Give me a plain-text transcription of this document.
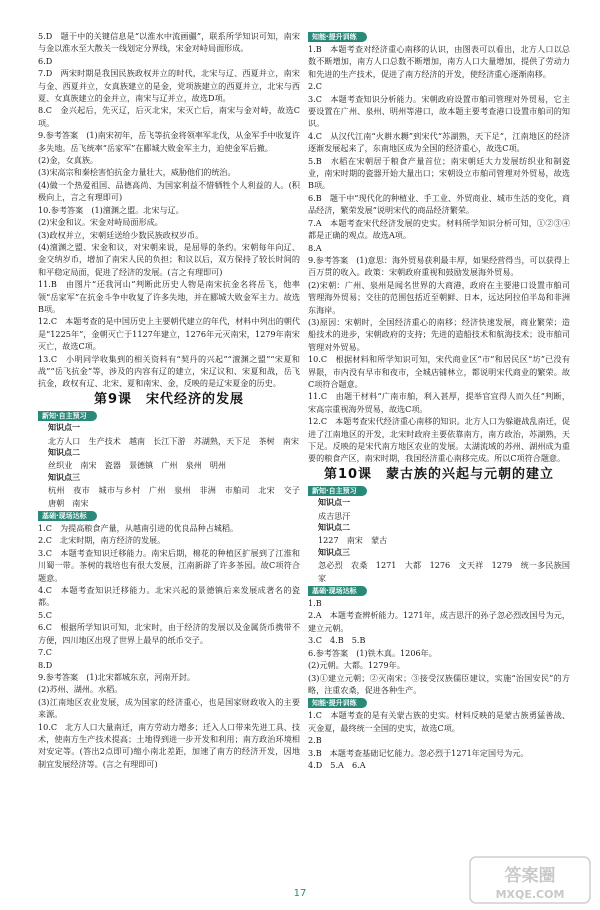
5.D　题干中的关键信息是“以淮水中流画疆”，联系所学知识可知，南宋与金以淮水至大散关一线划定分界线，宋金对峙局面形成。

6.D

7.D　两宋时期是我国民族政权并立的时代，北宋与辽、西夏并立，南宋与金、西夏并立，女真族建立的是金，党项族建立的西夏并立，北宋与西夏、女真族建立的金并立，南宋与辽并立，故选D项。

8.C　金兴起后，先灭辽，后灭北宋，宋灭亡后，南宋与金对峙，故选C项。

9.参考答案　(1)南宋初年，岳飞等抗金将领率军北伐，从金军手中收复许多失地。岳飞统率“岳家军”在郾城大败金军主力，迫使金军后撤。

(2)金，女真族。

(3)宋高宗和秦桧害怕抗金力量壮大，威胁他们的统治。

(4)做一个热爱祖国、品德高尚、为国家利益不惜牺牲个人利益的人。(积极向上，言之有理即可)

10.参考答案　(1)澶渊之盟。北宋与辽。

(2)宋金和议。宋金对峙局面形成。

(3)政权并立，宋朝廷送给少数民族政权岁币。

(4)澶渊之盟、宋金和议，对宋朝来说，是屈辱的条约。宋朝每年向辽、金交纳岁币，增加了南宋人民的负担；和议以后，双方保持了较长时间的和平稳定局面，促进了经济的发展。(言之有理即可)

11.B　由图片“还我河山”判断此历史人物是南宋抗金名将岳飞，他率领“岳家军”在抗金斗争中收复了许多失地，并在郾城大败金军主力。故选B项。

12.C　本题考查的是中国历史上主要朝代建立的年代，材料中列出的朝代是“1225年”，金朝灭亡于1127年建立，1276年元灭南宋，1279年南宋灭亡，故选C项。

13.C　小明同学收集到的相关资料有“契丹的兴起”“澶渊之盟”“宋夏和战”“岳飞抗金”等，涉及的内容有辽的建立，宋辽议和、宋夏和战，岳飞抗金，政权有辽、北宋、夏和南宋、金，反映的是辽宋夏金的历史。

第9课　宋代经济的发展
新知·自主预习
知识点一

北方人口　生产技术　越南　长江下游　苏湖熟，天下足　茶树　南宋

知识点二

丝织业　南宋　瓷器　景德镇　广州　泉州　明州

知识点三

杭州　夜市　城市与乡村　广州　泉州　非洲　市舶司　北宋　交子　唐朝　南宋

基础·现场达标

1.C　为提高粮食产量，从越南引进的优良品种占城稻。

2.C　北宋时期，南方经济的发展。

3.C　本题考查知识迁移能力。南宋后期，棉花的种植区扩展到了江淮和川蜀一带。茶树的栽培也有很大发展，江南新辟了许多茶园。故C项符合题意。

4.C　本题考查知识迁移能力。北宋兴起的景德镇后来发展成著名的瓷都。

5.C

6.C　根据所学知识可知，北宋时，由于经济的发展以及金属货币携带不方便，四川地区出现了世界上最早的纸币交子。

7.C

8.D

9.参考答案　(1)北宋都城东京，河南开封。

(2)苏州、湖州。水稻。

(3)江南地区农业发展，成为国家的经济重心，也是国家财政收入的主要来源。

10.C　北方人口大量南迁，南方劳动力增多；迁入人口带来先进工具、技术，使南方生产技术提高；土地得到进一步开发和利用；南方政治环境相对安定等。(答出2点即可)缩小南北差距，加速了南方的经济开发，因地制宜发展经济等。(言之有理即可)

知能·提升训练

1.B　本题考查对经济重心南移的认识，由图表可以看出，北方人口以总数不断增加，南方人口总数不断增加，南方人口大量增加，提供了劳动力和先进的生产技术，促进了南方经济的开发，使经济重心逐渐南移。

2.C

3.C　本题考查知识分析能力。宋朝政府设置市舶司管理对外贸易，它主要设置在广州、泉州、明州等港口，故本题主要考查港口设置市舶司的知识。

4.C　从汉代江南“火耕水耨”到宋代“苏湖熟，天下足”，江南地区的经济逐渐发展起来了，东南地区成为全国的经济重心，故选C项。

5.B　水稻在宋朝居于粮食产量首位；南宋朝廷大力发展纺织业和制瓷业，南宋时期的瓷器开始大量出口；宋朝设立市舶司管理对外贸易，故选B项。

6.B　题干中“现代化的种植业、手工业、外贸商业、城市生活的变化，商品经济，繁荣发展”说明宋代的商品经济繁荣。

7.A　本题考查宋代经济发展的史实。材料所学知识分析可知，①②③④都是正确的观点。故选A项。

8.A

9.参考答案　(1)意思：海外贸易获利最丰厚，如果经营得当，可以获得上百万贯的收入。政策：宋朝政府重视和鼓励发展海外贸易。

(2)宋朝：广州、泉州是闻名世界的大商港，政府在主要港口设置市舶司管理海外贸易；交往的范围包括近至朝鲜、日本，远达阿拉伯半岛和非洲东海岸。

(3)原因：宋朝时，全国经济重心的南移；经济快速发展，商业繁荣；造船技术的进步，宋朝政府的支持；先进的造船技术和航海技术；设市舶司管理对外贸易。

10.C　根据材料和所学知识可知，宋代商业区“市”和居民区“坊”已没有界限，市内没有早市和夜市，全城店铺林立，都说明宋代商业的繁荣。故C项符合题意。

11.C　由题干材料“广南市舶，利入甚厚，提举官宜得人而久任”判断，宋高宗重视海外贸易，故选C项。

12.C　本题考查宋代经济重心南移的知识。北方人口为躲避战乱南迁，促进了江南地区的开发，北宋时政府主要依靠南方，南方政治，苏湖熟，天下足。反映的是宋代南方地区农业的发展。太湖流域的苏州、湖州成为重要的粮食产区，南宋时期，我国经济重心南移完成。所以C项符合题意。

第10课　蒙古族的兴起与元朝的建立
新知·自主预习
知识点一

成吉思汗

知识点二

1227　南宋　蒙古

知识点三

忽必烈　农桑　1271　大都　1276　文天祥　1279　统一多民族国家

基础·现场达标

1.B

2.A　本题考查辨析能力。1271年，成吉思汗的孙子忽必烈改国号为元，建立元朝。

3.C　4.B　5.B

6.参考答案　(1)铁木真。1206年。

(2)元朝。大都。1279年。

(3)①建立元朝；②灭南宋；③接受汉族儒臣建议，实施“治国安民”的方略，注重农桑，促进各种生产。

知能·提升训练

1.C　本题考查的是有关蒙古族的史实。材料反映的是蒙古族勇猛善战、灭金夏，最终统一全国的史实，故选C项。

2.B

3.B　本题考查基础记忆能力。忽必烈于1271年定国号为元。

4.D　5.A　6.A

17
答案圈
MXQE.COM
